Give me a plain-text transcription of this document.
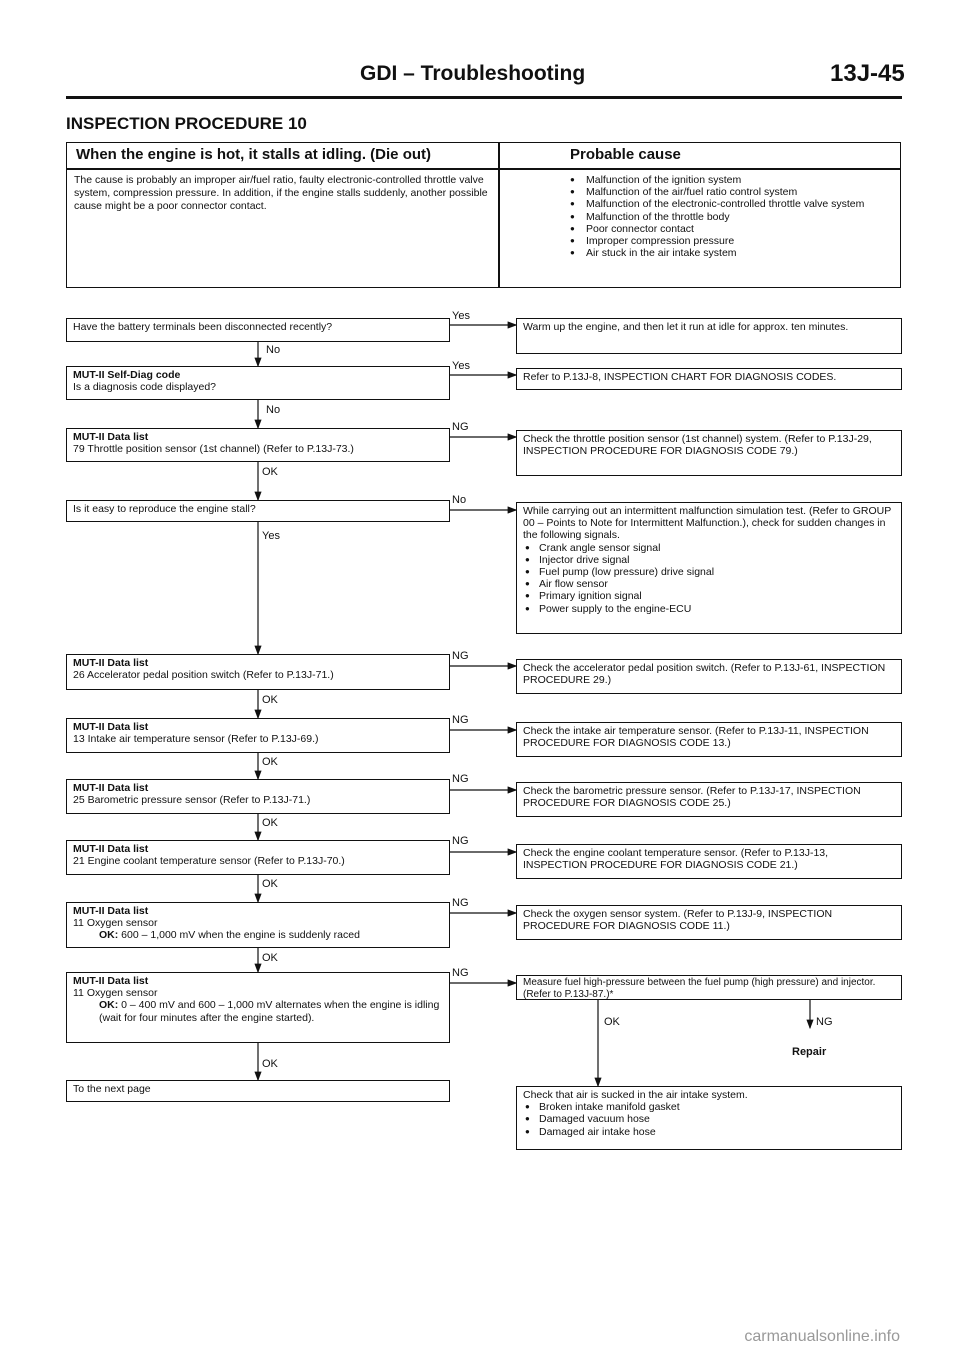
GDI – Troubleshooting	13J-45
INSPECTION PROCEDURE 10
When the engine is hot, it stalls at idling. (Die out)	Probable cause
The cause is probably an improper air/fuel ratio, faulty electronic-controlled throttle valve system, compression pressure. In addition, if the engine stalls suddenly, another possible cause might be a poor connector contact.
● Malfunction of the ignition system
● Malfunction of the air/fuel ratio control system
● Malfunction of the electronic-controlled throttle valve system
● Malfunction of the throttle body
● Poor connector contact
● Improper compression pressure
● Air stuck in the air intake system
Yes
No
Yes
No
NG
OK
No
Yes
NG
OK
NG
OK
NG
OK
NG
OK
NG
OK
NG
OK
OK	NG
Repair
Have the battery terminals been disconnected recently?
MUT-II Self-Diag code
Is a diagnosis code displayed?
MUT-II Data list
79 Throttle position sensor (1st channel) (Refer to P.13J-73.)
Is it easy to reproduce the engine stall?
MUT-II Data list
26 Accelerator pedal position switch (Refer to P.13J-71.)
MUT-II Data list
13 Intake air temperature sensor (Refer to P.13J-69.)
MUT-II Data list
25 Barometric pressure sensor (Refer to P.13J-71.)
MUT-II Data list
21 Engine coolant temperature sensor (Refer to P.13J-70.)
MUT-II Data list
11 Oxygen sensor
OK: 600 – 1,000 mV when the engine is suddenly raced
MUT-II Data list
11 Oxygen sensor

OK: 0 – 400 mV and 600 – 1,000 mV alternates when the engine is idling (wait for four minutes after the engine started).
To the next page
Warm up the engine, and then let it run at idle for approx. ten minutes.
Refer to P.13J-8, INSPECTION CHART FOR DIAGNOSIS CODES.
Check the throttle position sensor (1st channel) system. (Refer to P.13J-29, INSPECTION PROCEDURE FOR DIAGNOSIS CODE 79.)
While carrying out an intermittent malfunction simulation test. (Refer to GROUP 00 – Points to Note for Intermittent Malfunction.), check for sudden changes in the following signals.
● Crank angle sensor signal
● Injector drive signal
● Fuel pump (low pressure) drive signal
● Air flow sensor
● Primary ignition signal
● Power supply to the engine-ECU
Check the accelerator pedal position switch. (Refer to P.13J-61, INSPECTION PROCEDURE 29.)
Check the intake air temperature sensor. (Refer to P.13J-11, INSPECTION PROCEDURE FOR DIAGNOSIS CODE 13.)
Check the barometric pressure sensor. (Refer to P.13J-17, INSPECTION PROCEDURE FOR DIAGNOSIS CODE 25.)
Check the engine coolant temperature sensor. (Refer to P.13J-13, INSPECTION PROCEDURE FOR DIAGNOSIS CODE 21.)
Check the oxygen sensor system. (Refer to P.13J-9, INSPECTION PROCEDURE FOR DIAGNOSIS CODE 11.)
Measure fuel high-pressure between the fuel pump (high pressure) and injector. (Refer to P.13J-87.)*
Check that air is sucked in the air intake system.
● Broken intake manifold gasket
● Damaged vacuum hose
● Damaged air intake hose
carmanualsonline.info
